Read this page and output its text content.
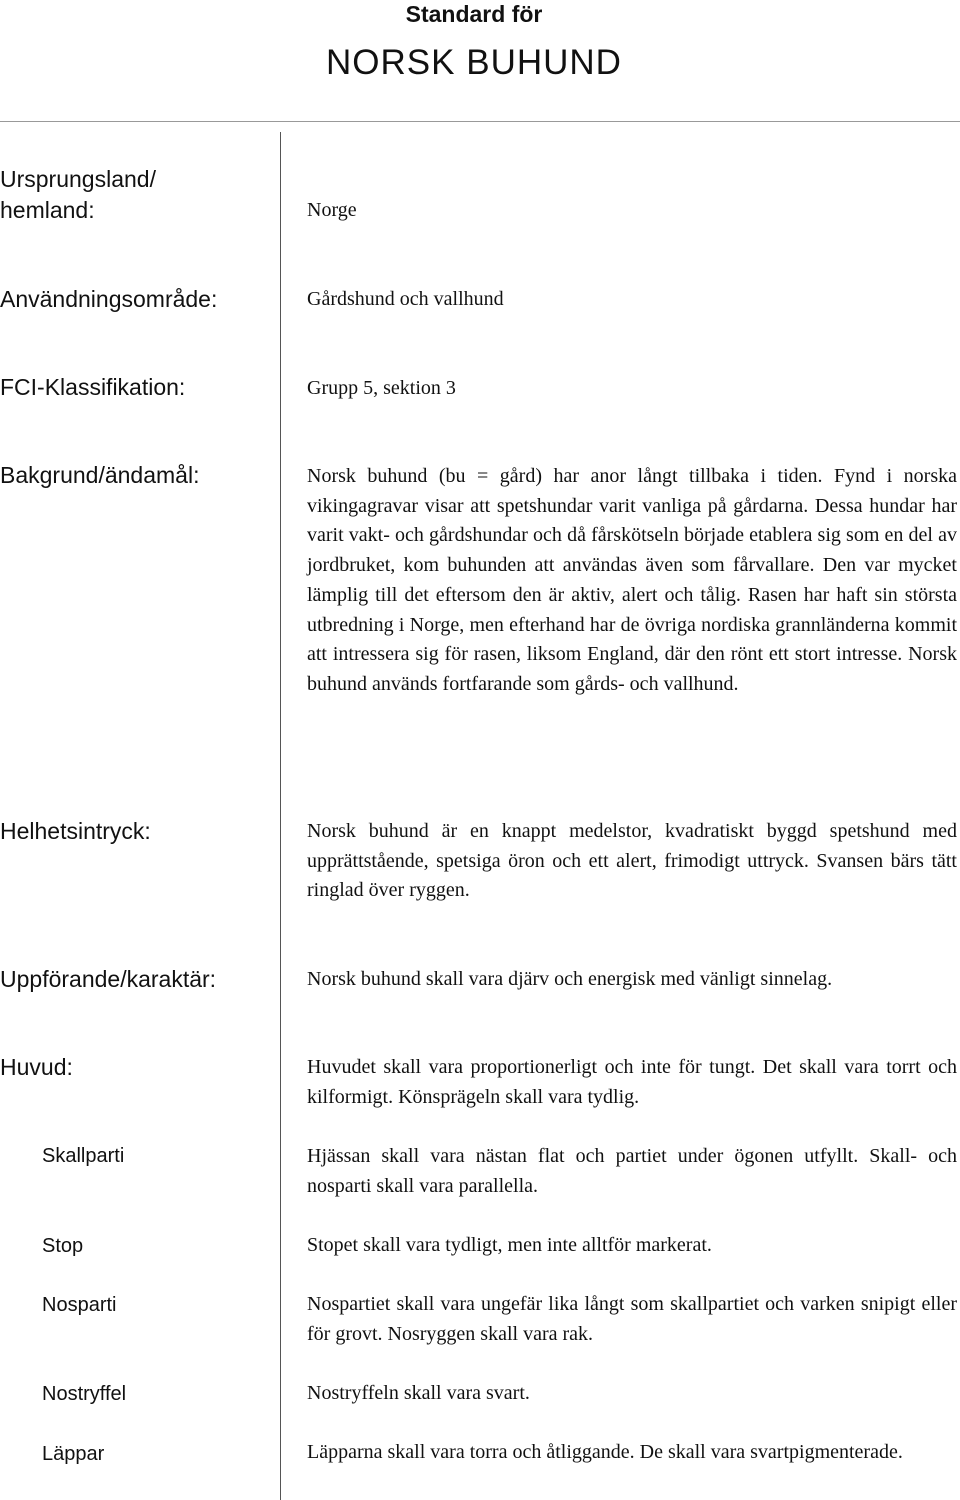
Standard för
NORSK BUHUND
Ursprungsland/
hemland:	Norge
Användningsområde:	Gårdshund och vallhund
FCI-Klassifikation:	Grupp 5, sektion 3
Bakgrund/ändamål:	Norsk buhund (bu = gård) har anor långt tillbaka i tiden. Fynd i norska vikingagravar visar att spetshundar varit vanliga på gårdarna. Dessa hundar har varit vakt- och gårdshundar och då fårskötseln började etablera sig som en del av jordbruket, kom buhunden att användas även som fårvallare. Den var mycket lämplig till det eftersom den är aktiv, alert och tålig. Rasen har haft sin största utbredning i Norge, men efterhand har de övriga nordiska grannländerna kommit att intressera sig för rasen, liksom England, där den rönt ett stort intresse. Norsk buhund används fortfarande som gårds- och vallhund.
Helhetsintryck:	Norsk buhund är en knappt medelstor, kvadratiskt byggd spetshund med upprättstående, spetsiga öron och ett alert, frimodigt uttryck. Svansen bärs tätt ringlad över ryggen.
Uppförande/karaktär:	Norsk buhund skall vara djärv och energisk med vänligt sinnelag.
Huvud:	Huvudet skall vara proportionerligt och inte för tungt. Det skall vara torrt och kilformigt. Könsprägeln skall vara tydlig.
Skallparti	Hjässan skall vara nästan flat och partiet under ögonen utfyllt. Skall- och nosparti skall vara parallella.
Stop	Stopet skall vara tydligt, men inte alltför markerat.
Nosparti	Nospartiet skall vara ungefär lika långt som skallpartiet och varken snipigt eller för grovt. Nosryggen skall vara rak.
Nostryffel	Nostryffeln skall vara svart.
Läppar	Läpparna skall vara torra och åtliggande. De skall vara svartpigmenterade.
